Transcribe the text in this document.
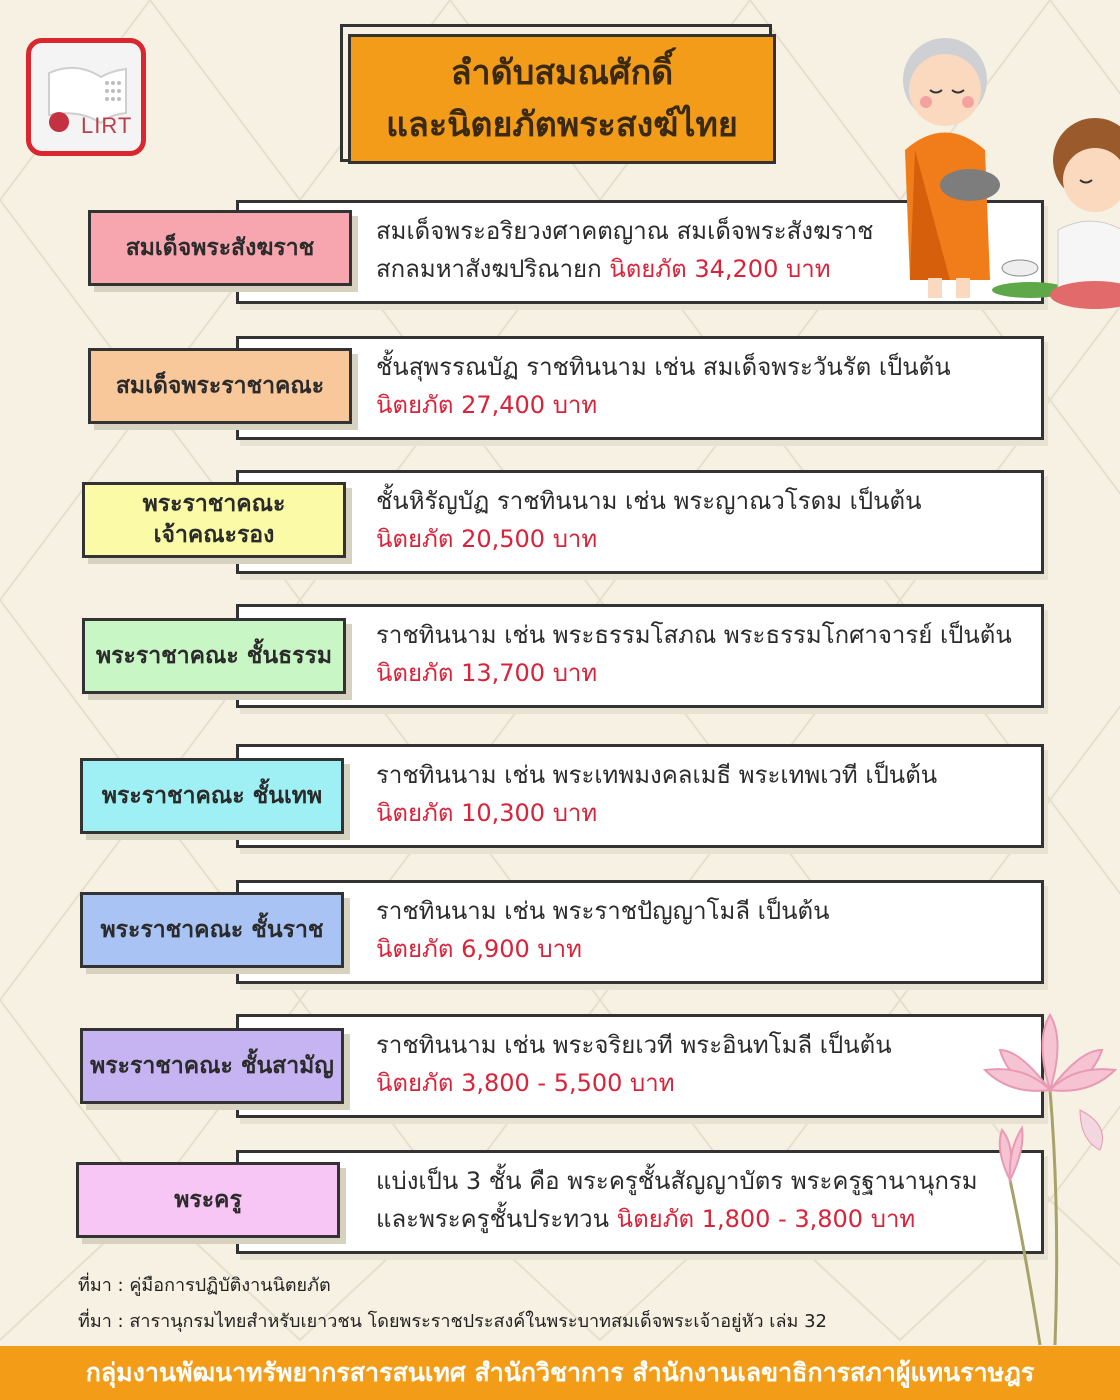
LIRT
ลำดับสมณศักดิ์
และนิตยภัตพระสงฆ์ไทย
สมเด็จพระอริยวงศาคตญาณ สมเด็จพระสังฆราช
สกลมหาสังฆปริณายก นิตยภัต 34,200 บาท
สมเด็จพระสังฆราช
ชั้นสุพรรณบัฏ ราชทินนาม เช่น สมเด็จพระวันรัต เป็นต้น
นิตยภัต 27,400 บาท
สมเด็จพระราชาคณะ
ชั้นหิรัญบัฏ ราชทินนาม เช่น พระญาณวโรดม เป็นต้น
นิตยภัต 20,500 บาท
พระราชาคณะ
เจ้าคณะรอง
ราชทินนาม เช่น พระธรรมโสภณ พระธรรมโกศาจารย์ เป็นต้น
นิตยภัต 13,700 บาท
พระราชาคณะ ชั้นธรรม
ราชทินนาม เช่น พระเทพมงคลเมธี พระเทพเวที เป็นต้น
นิตยภัต 10,300 บาท
พระราชาคณะ ชั้นเทพ
ราชทินนาม เช่น พระราชปัญญาโมลี เป็นต้น
นิตยภัต 6,900 บาท
พระราชาคณะ ชั้นราช
ราชทินนาม เช่น พระจริยเวที พระอินทโมลี เป็นต้น
นิตยภัต 3,800 - 5,500 บาท
พระราชาคณะ ชั้นสามัญ
แบ่งเป็น 3 ชั้น คือ พระครูชั้นสัญญาบัตร พระครูฐานานุกรม
และพระครูชั้นประทวน นิตยภัต 1,800 - 3,800 บาท
พระครู
ที่มา : คู่มือการปฏิบัติงานนิตยภัต
ที่มา : สารานุกรมไทยสำหรับเยาวชน โดยพระราชประสงค์ในพระบาทสมเด็จพระเจ้าอยู่หัว เล่ม 32
กลุ่มงานพัฒนาทรัพยากรสารสนเทศ สำนักวิชาการ สำนักงานเลขาธิการสภาผู้แทนราษฎร
